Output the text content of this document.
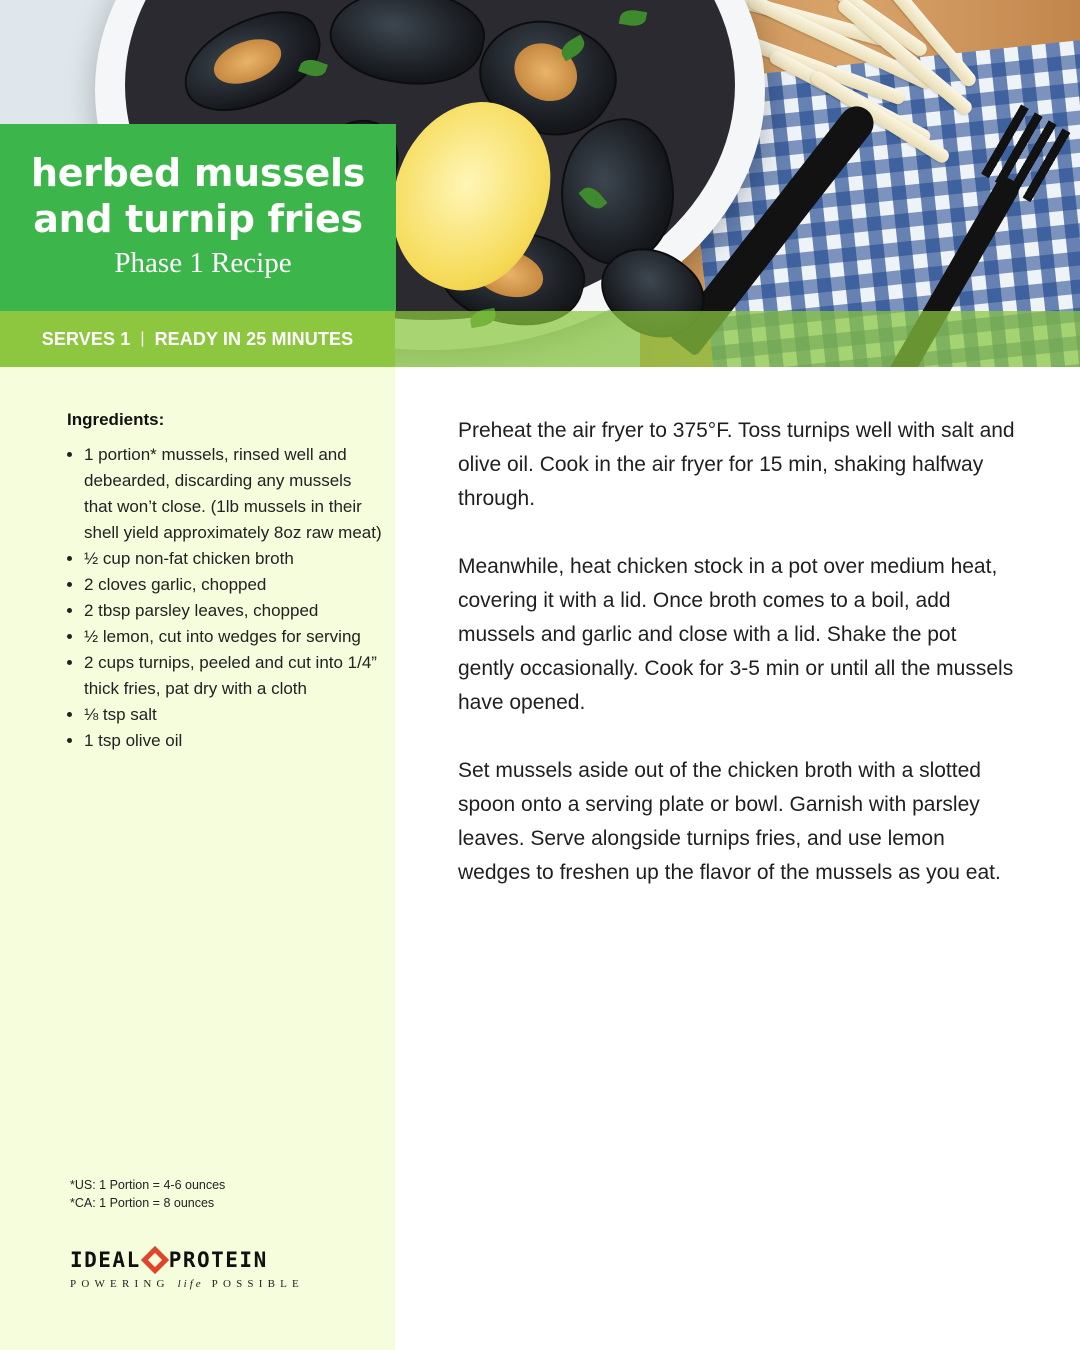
herbed mussels
and turnip fries
Phase 1 Recipe
SERVES 1 | READY IN 25 MINUTES
Ingredients:
• 1 portion* mussels, rinsed well and debearded, discarding any mussels that won’t close. (1lb mussels in their shell yield approximately 8oz raw meat)
• ½ cup non-fat chicken broth
• 2 cloves garlic, chopped
• 2 tbsp parsley leaves, chopped
• ½ lemon, cut into wedges for serving
• 2 cups turnips, peeled and cut into 1/4” thick fries, pat dry with a cloth
• ⅛ tsp salt
• 1 tsp olive oil
*US: 1 Portion = 4-6 ounces
*CA: 1 Portion = 8 ounces
IDEAL PROTEIN
POWERING life POSSIBLE

Preheat the air fryer to 375°F. Toss turnips well with salt and olive oil. Cook in the air fryer for 15 min, shaking halfway through.

Meanwhile, heat chicken stock in a pot over medium heat, covering it with a lid. Once broth comes to a boil, add mussels and garlic and close with a lid. Shake the pot gently occasionally. Cook for 3-5 min or until all the mussels have opened.

Set mussels aside out of the chicken broth with a slotted spoon onto a serving plate or bowl. Garnish with parsley leaves. Serve alongside turnips fries, and use lemon wedges to freshen up the flavor of the mussels as you eat.
